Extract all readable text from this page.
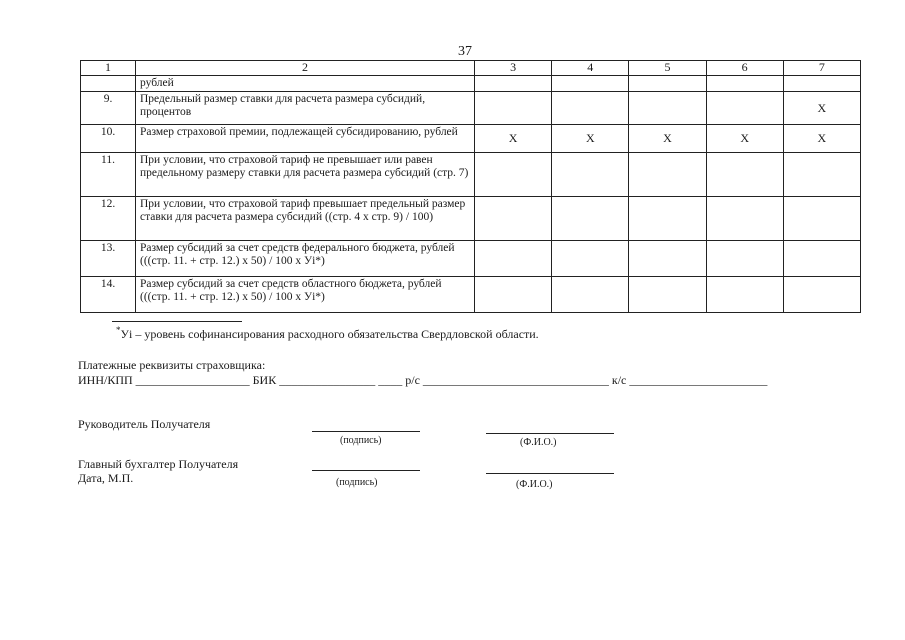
37
1	2	3	4	5	6	7
	рублей					
9.	Предельный размер ставки для расчета размера субсидий, процентов					X
10.	Размер страховой премии, подлежащей субсидированию, рублей	X	X	X	X	X
11.	При условии, что страховой тариф не превышает или равен предельному размеру ставки для расчета размера субсидий (стр. 7)					
12.	При условии, что страховой тариф превышает предельный размер ставки для расчета размера субсидий ((стр. 4 х стр. 9) / 100)					
13.	Размер субсидий за счет средств федерального бюджета, рублей (((стр. 11. + стр. 12.) х 50) / 100 х Уi*)					
14.	Размер субсидий за счет средств областного бюджета, рублей (((стр. 11. + стр. 12.) х 50) / 100 х Уi*)					
*Уi – уровень софинансирования расходного обязательства Свердловской области.
Платежные реквизиты страховщика:
ИНН/КПП ___________________ БИК ________________ ____ р/с _______________________________ к/с _______________________
Руководитель Получателя
(подпись)	(Ф.И.О.)
Главный бухгалтер Получателя
Дата, М.П.	(подпись)	(Ф.И.О.)
